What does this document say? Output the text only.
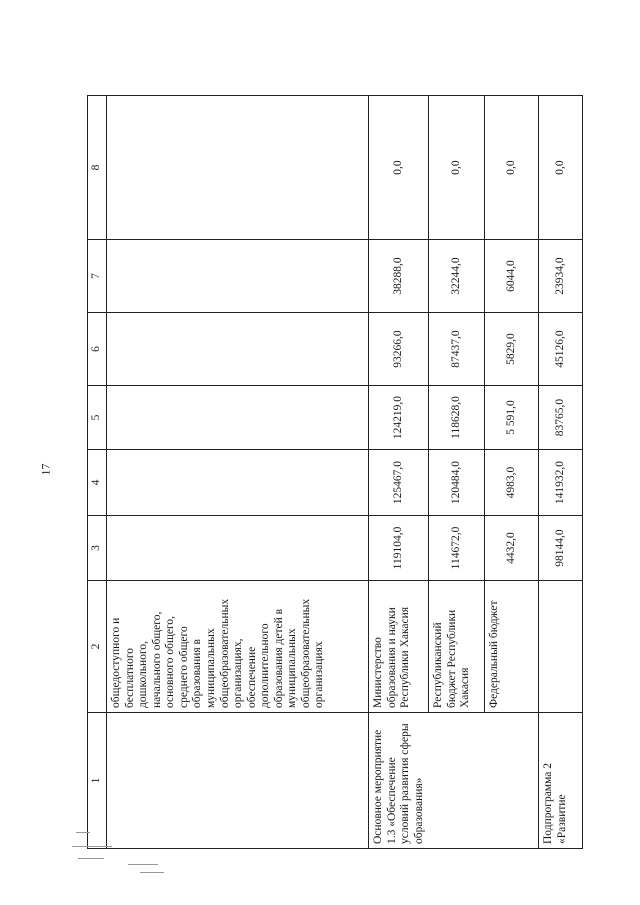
17
1	2	3	4	5	6	7	8
	общедоступного и бесплатного дошкольного, начального общего, основного общего, среднего общего образования в муниципальных общеобразовательных организациях, обеспечение дополнительного образования детей в муниципальных общеобразовательных организациях						
Основное мероприятие 1.3 «Обеспечение условий развития сферы образования»	Министерство образования и науки Республики Хакасия	119104,0	125467,0	124219,0	93266,0	38288,0	0,0
	Республиканский бюджет Республики Хакасия	114672,0	120484,0	118628,0	87437,0	32244,0	0,0
	Федеральный бюджет	4432,0	4983,0	5 591,0	5829,0	6044,0	0,0
Подпрограмма 2 «Развитие		98144,0	141932,0	83765,0	45126,0	23934,0	0,0
